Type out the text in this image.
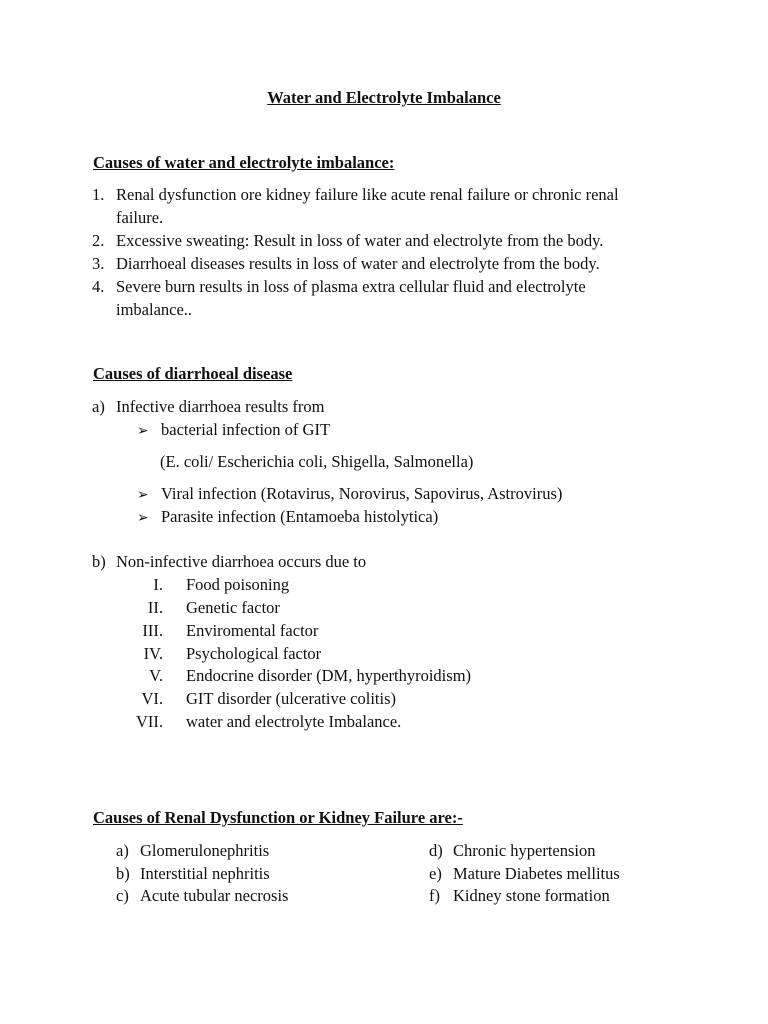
Water and Electrolyte Imbalance
Causes of water and electrolyte imbalance:
1. Renal dysfunction ore kidney failure like acute renal failure or chronic renal
failure.
2. Excessive sweating: Result in loss of water and electrolyte from the body.
3. Diarrhoeal diseases results in loss of water and electrolyte from the body.
4. Severe burn results in loss of plasma extra cellular fluid and electrolyte
imbalance..
Causes of diarrhoeal disease
a) Infective diarrhoea results from
➢ bacterial infection of GIT
(E. coli/ Escherichia coli, Shigella, Salmonella)
➢ Viral infection (Rotavirus, Norovirus, Sapovirus, Astrovirus)
➢ Parasite infection (Entamoeba histolytica)
b) Non-infective diarrhoea occurs due to
I. Food poisoning
II. Genetic factor
III. Enviromental factor
IV. Psychological factor
V. Endocrine disorder (DM, hyperthyroidism)
VI. GIT disorder (ulcerative colitis)
VII. water and electrolyte Imbalance.
Causes of Renal Dysfunction or Kidney Failure are:-
a) Glomerulonephritis
b) Interstitial nephritis
c) Acute tubular necrosis
d) Chronic hypertension
e) Mature Diabetes mellitus
f) Kidney stone formation
